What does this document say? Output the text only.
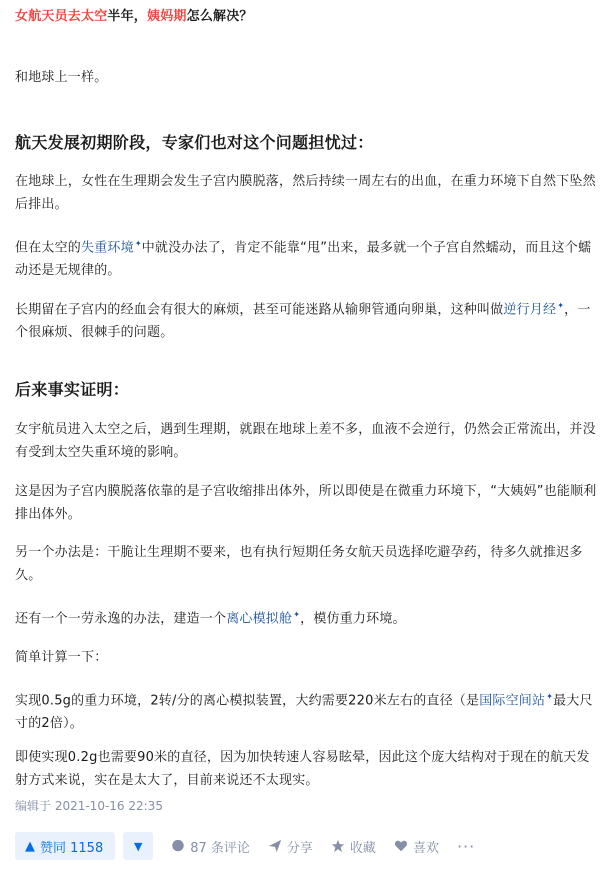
女航天员去太空半年，姨妈期怎么解决？
和地球上一样。
航天发展初期阶段，专家们也对这个问题担忧过：
在地球上，女性在生理期会发生子宫内膜脱落，然后持续一周左右的出血，在重力环境下自然下坠然后排出。
但在太空的失重环境✦中就没办法了，肯定不能靠“甩”出来，最多就一个子宫自然蠕动，而且这个蠕动还是无规律的。
长期留在子宫内的经血会有很大的麻烦，甚至可能迷路从输卵管通向卵巢，这种叫做逆行月经✦，一个很麻烦、很棘手的问题。
后来事实证明：
女宇航员进入太空之后，遇到生理期，就跟在地球上差不多，血液不会逆行，仍然会正常流出，并没有受到太空失重环境的影响。
这是因为子宫内膜脱落依靠的是子宫收缩排出体外，所以即使是在微重力环境下，“大姨妈”也能顺利排出体外。
另一个办法是：干脆让生理期不要来，也有执行短期任务女航天员选择吃避孕药，待多久就推迟多久。
还有一个一劳永逸的办法，建造一个离心模拟舱✦，模仿重力环境。
简单计算一下：
实现0.5g的重力环境，2转/分的离心模拟装置，大约需要220米左右的直径（是国际空间站✦最大尺寸的2倍）。
即使实现0.2g也需要90米的直径，因为加快转速人容易眩晕，因此这个庞大结构对于现在的航天发射方式来说，实在是太大了，目前来说还不太现实。
编辑于 2021-10-16 22:35
▲ 赞同 1158	▼	87 条评论	分享	收藏	喜欢 ···
